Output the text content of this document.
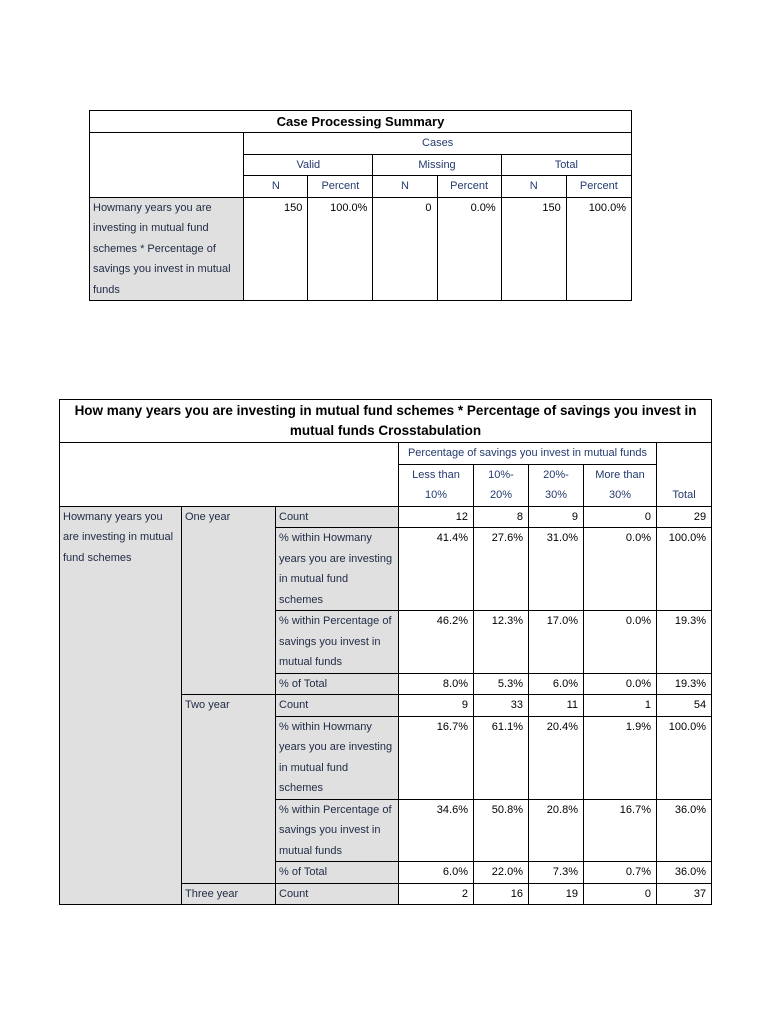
Case Processing Summary						
	Cases					
	Valid		Missing		Total	
	N	Percent	N	Percent	N	Percent
Howmany years you are investing in mutual fund schemes * Percentage of savings you invest in mutual funds	150	100.0%	0	0.0%	150	100.0%
How many years you are investing in mutual fund schemes * Percentage of savings you invest in mutual funds Crosstabulation							
			Percentage of savings you invest in mutual funds				
			Less than 10%	10%- 20%	20%- 30%	More than 30%	Total
Howmany years you are investing in mutual fund schemes	One year	Count	12	8	9	0	29
		% within Howmany years you are investing in mutual fund schemes	41.4%	27.6%	31.0%	0.0%	100.0%
		% within Percentage of savings you invest in mutual funds	46.2%	12.3%	17.0%	0.0%	19.3%
		% of Total	8.0%	5.3%	6.0%	0.0%	19.3%
	Two year	Count	9	33	11	1	54
		% within Howmany years you are investing in mutual fund schemes	16.7%	61.1%	20.4%	1.9%	100.0%
		% within Percentage of savings you invest in mutual funds	34.6%	50.8%	20.8%	16.7%	36.0%
		% of Total	6.0%	22.0%	7.3%	0.7%	36.0%
	Three year	Count	2	16	19	0	37
